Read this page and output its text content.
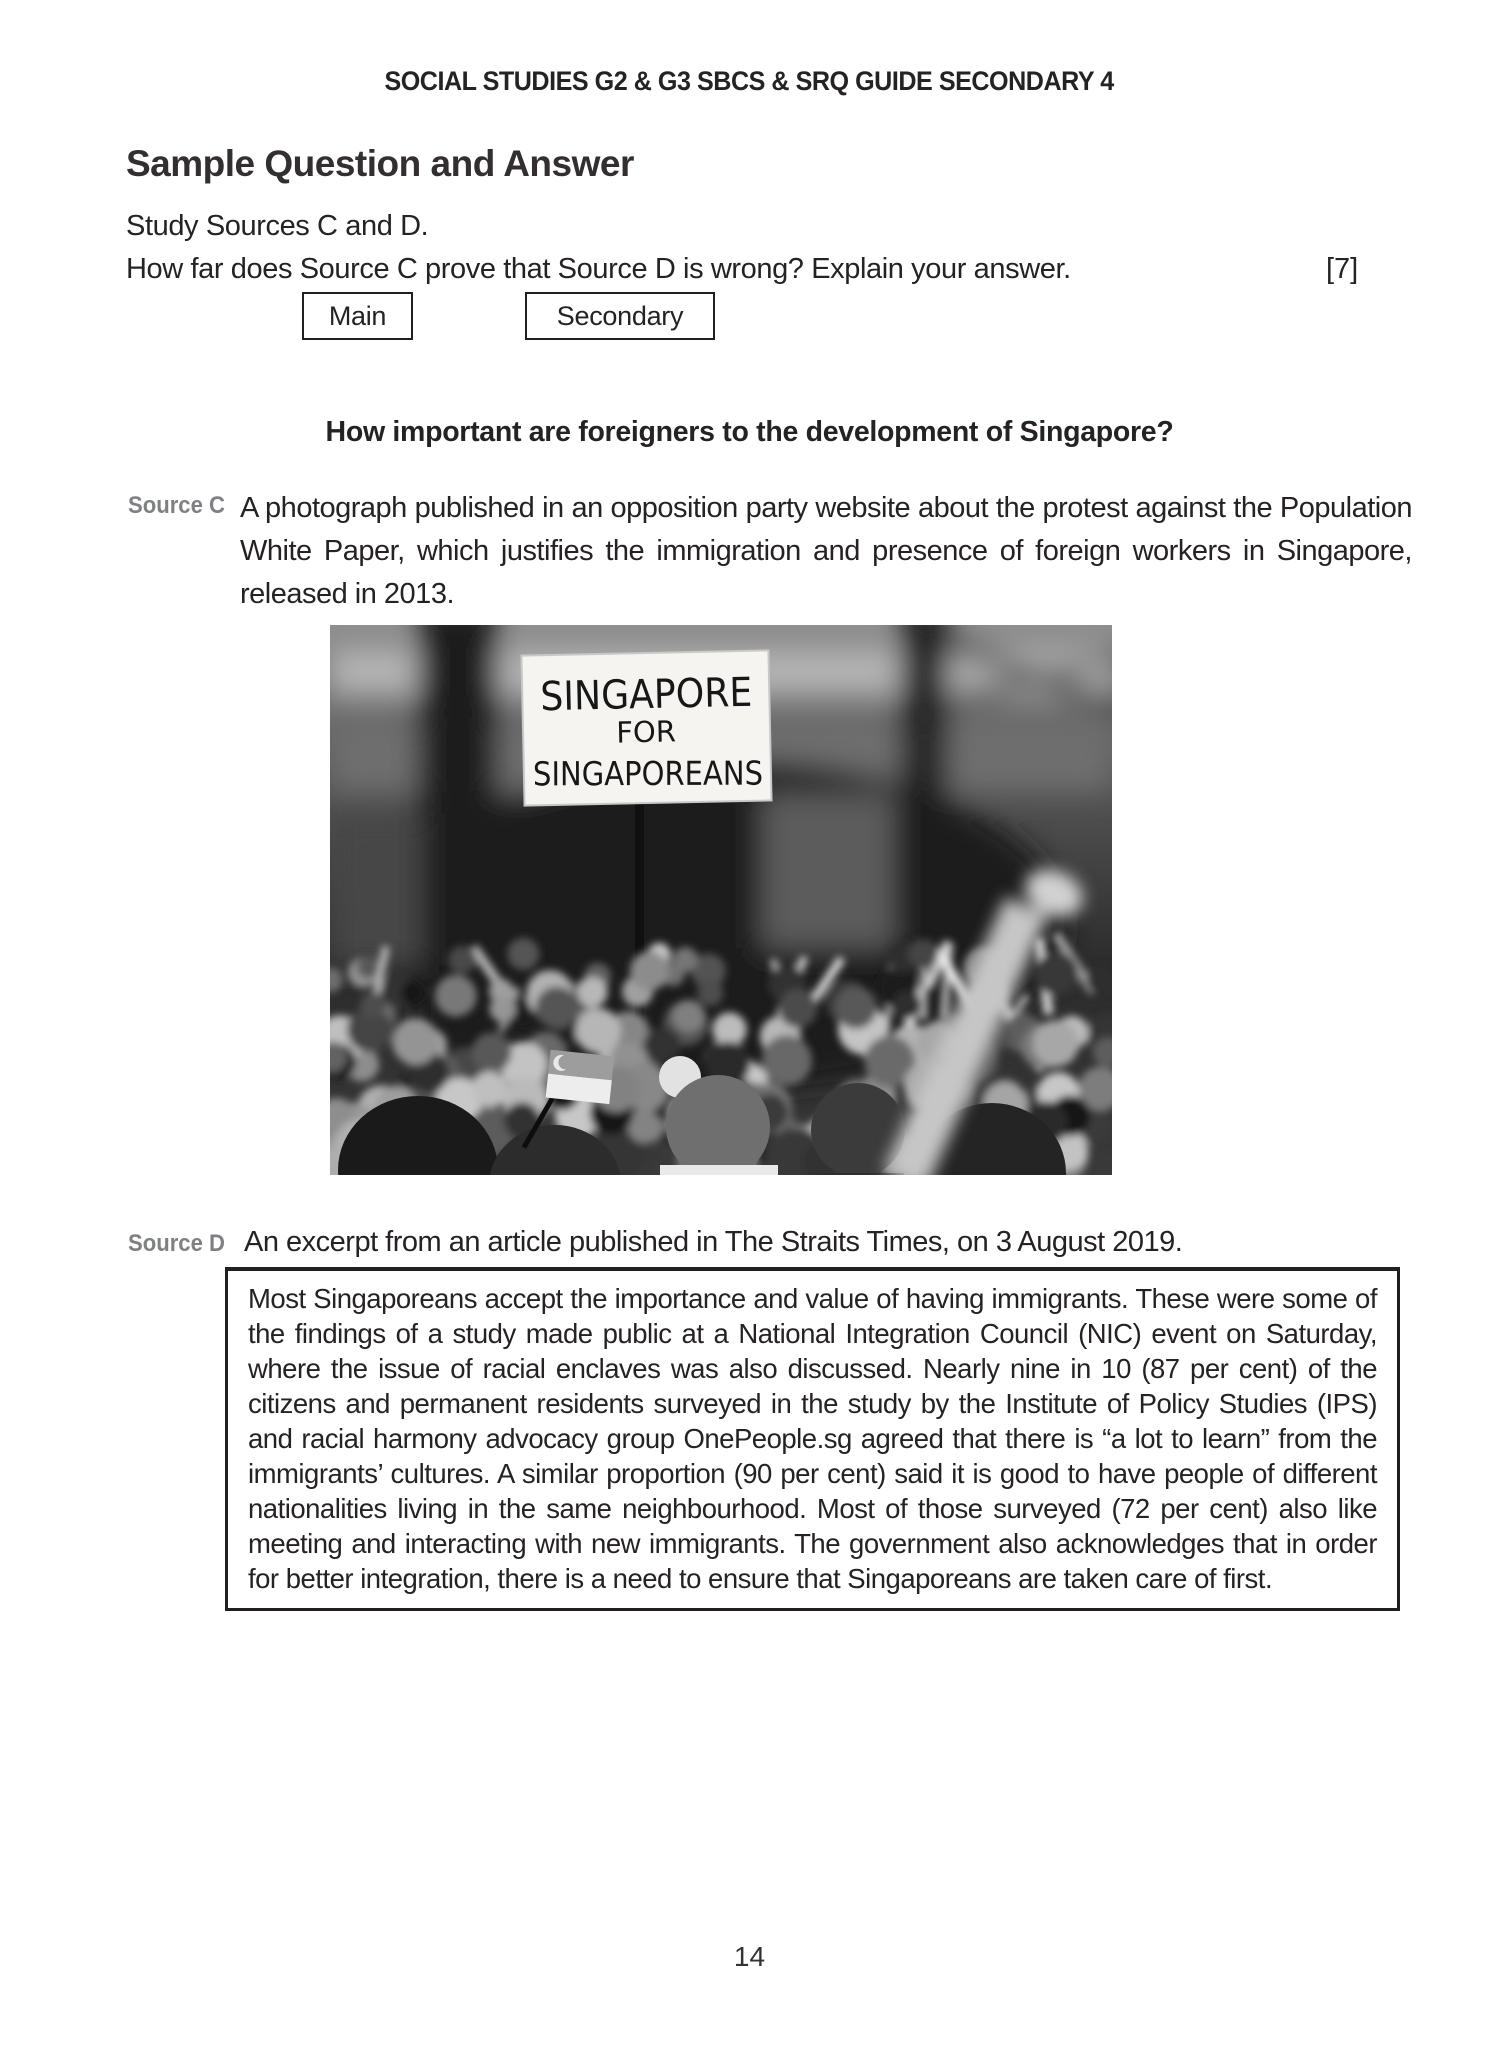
SOCIAL STUDIES G2 & G3 SBCS & SRQ GUIDE SECONDARY 4
Sample Question and Answer
Study Sources C and D.
How far does Source C prove that Source D is wrong? Explain your answer.	[7]
Main	Secondary
How important are foreigners to the development of Singapore?
Source C A photograph published in an opposition party website about the protest against the Population White Paper, which justifies the immigration and presence of foreign workers in Singapore, released in 2013.
SINGAPORE
FOR
SINGAPOREANS
Source D An excerpt from an article published in The Straits Times, on 3 August 2019.
Most Singaporeans accept the importance and value of having immigrants. These were some of the findings of a study made public at a National Integration Council (NIC) event on Saturday, where the issue of racial enclaves was also discussed. Nearly nine in 10 (87 per cent) of the citizens and permanent residents surveyed in the study by the Institute of Policy Studies (IPS) and racial harmony advocacy group OnePeople.sg agreed that there is “a lot to learn” from the immigrants’ cultures. A similar proportion (90 per cent) said it is good to have people of different nationalities living in the same neighbourhood. Most of those surveyed (72 per cent) also like meeting and interacting with new immigrants. The government also acknowledges that in order for better integration, there is a need to ensure that Singaporeans are taken care of first.
14
